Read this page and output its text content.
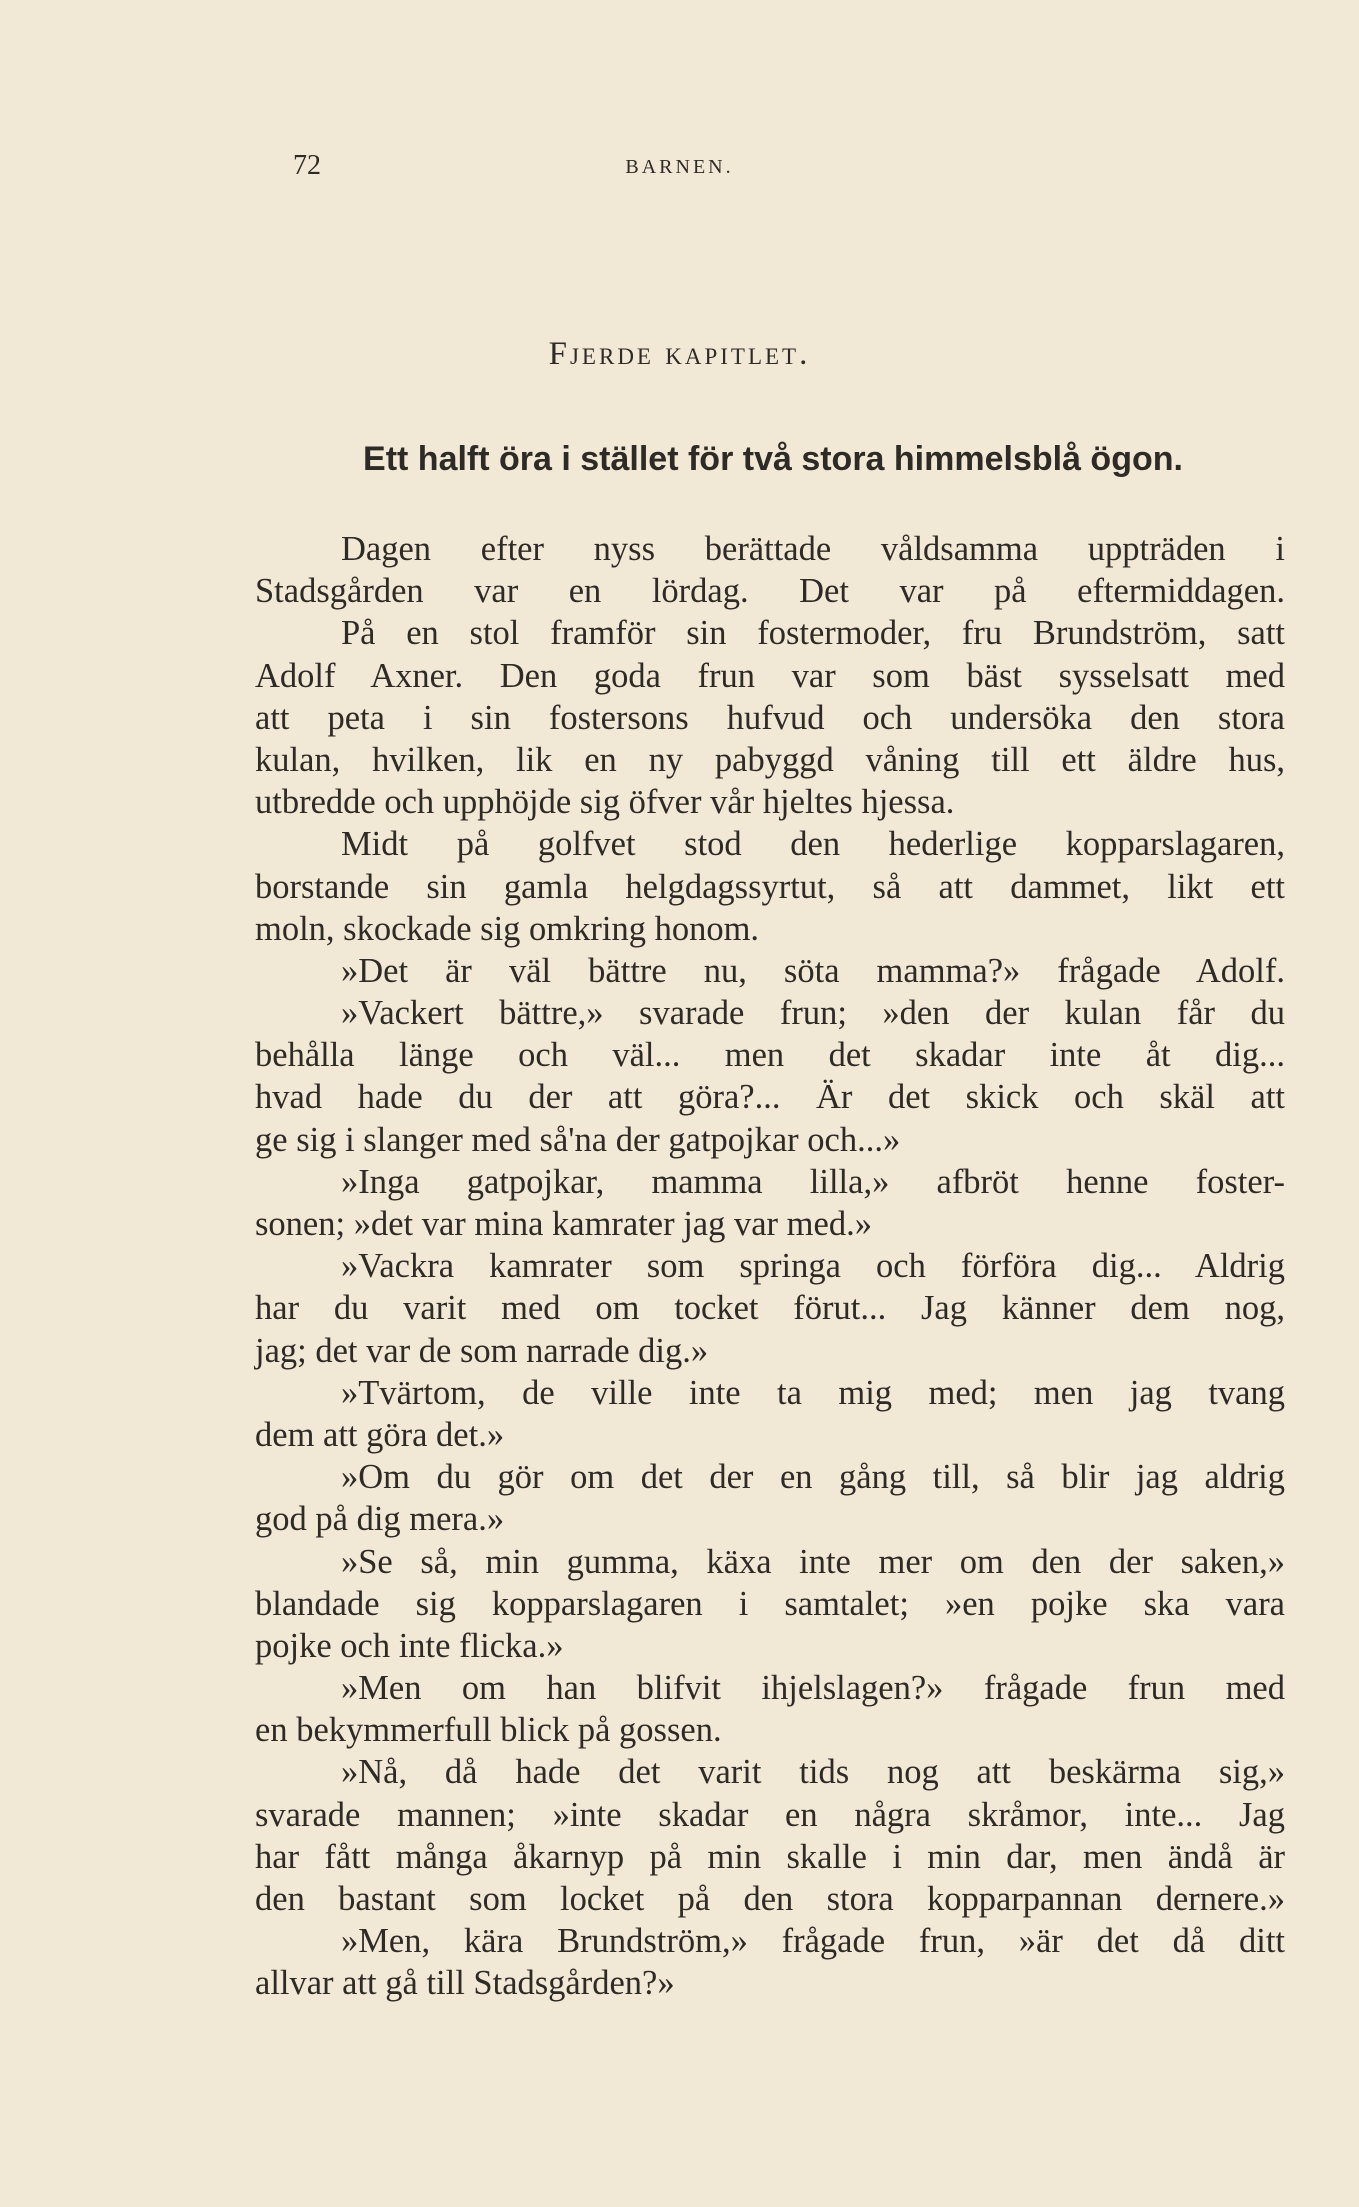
72	BARNEN.
Fjerde kapitlet.
Ett halft öra i stället för två stora himmelsblå ögon.
Dagen efter nyss berättade våldsamma uppträden i
Stadsgården var en lördag. Det var på eftermiddagen.
På en stol framför sin fostermoder, fru Brundström, satt
Adolf Axner. Den goda frun var som bäst sysselsatt med
att peta i sin fostersons hufvud och undersöka den stora
kulan, hvilken, lik en ny pabyggd våning till ett äldre hus,
utbredde och upphöjde sig öfver vår hjeltes hjessa.
Midt på golfvet stod den hederlige kopparslagaren,
borstande sin gamla helgdagssyrtut, så att dammet, likt ett
moln, skockade sig omkring honom.
»Det är väl bättre nu, söta mamma?» frågade Adolf.
»Vackert bättre,» svarade frun; »den der kulan får du
behålla länge och väl... men det skadar inte åt dig...
hvad hade du der att göra?... Är det skick och skäl att
ge sig i slanger med så'na der gatpojkar och...»
»Inga gatpojkar, mamma lilla,» afbröt henne foster-
sonen; »det var mina kamrater jag var med.»
»Vackra kamrater som springa och förföra dig... Aldrig
har du varit med om tocket förut... Jag känner dem nog,
jag; det var de som narrade dig.»
»Tvärtom, de ville inte ta mig med; men jag tvang
dem att göra det.»
»Om du gör om det der en gång till, så blir jag aldrig
god på dig mera.»
»Se så, min gumma, käxa inte mer om den der saken,»
blandade sig kopparslagaren i samtalet; »en pojke ska vara
pojke och inte flicka.»
»Men om han blifvit ihjelslagen?» frågade frun med
en bekymmerfull blick på gossen.
»Nå, då hade det varit tids nog att beskärma sig,»
svarade mannen; »inte skadar en några skråmor, inte... Jag
har fått många åkarnyp på min skalle i min dar, men ändå är
den bastant som locket på den stora kopparpannan dernere.»
»Men, kära Brundström,» frågade frun, »är det då ditt
allvar att gå till Stadsgården?»
